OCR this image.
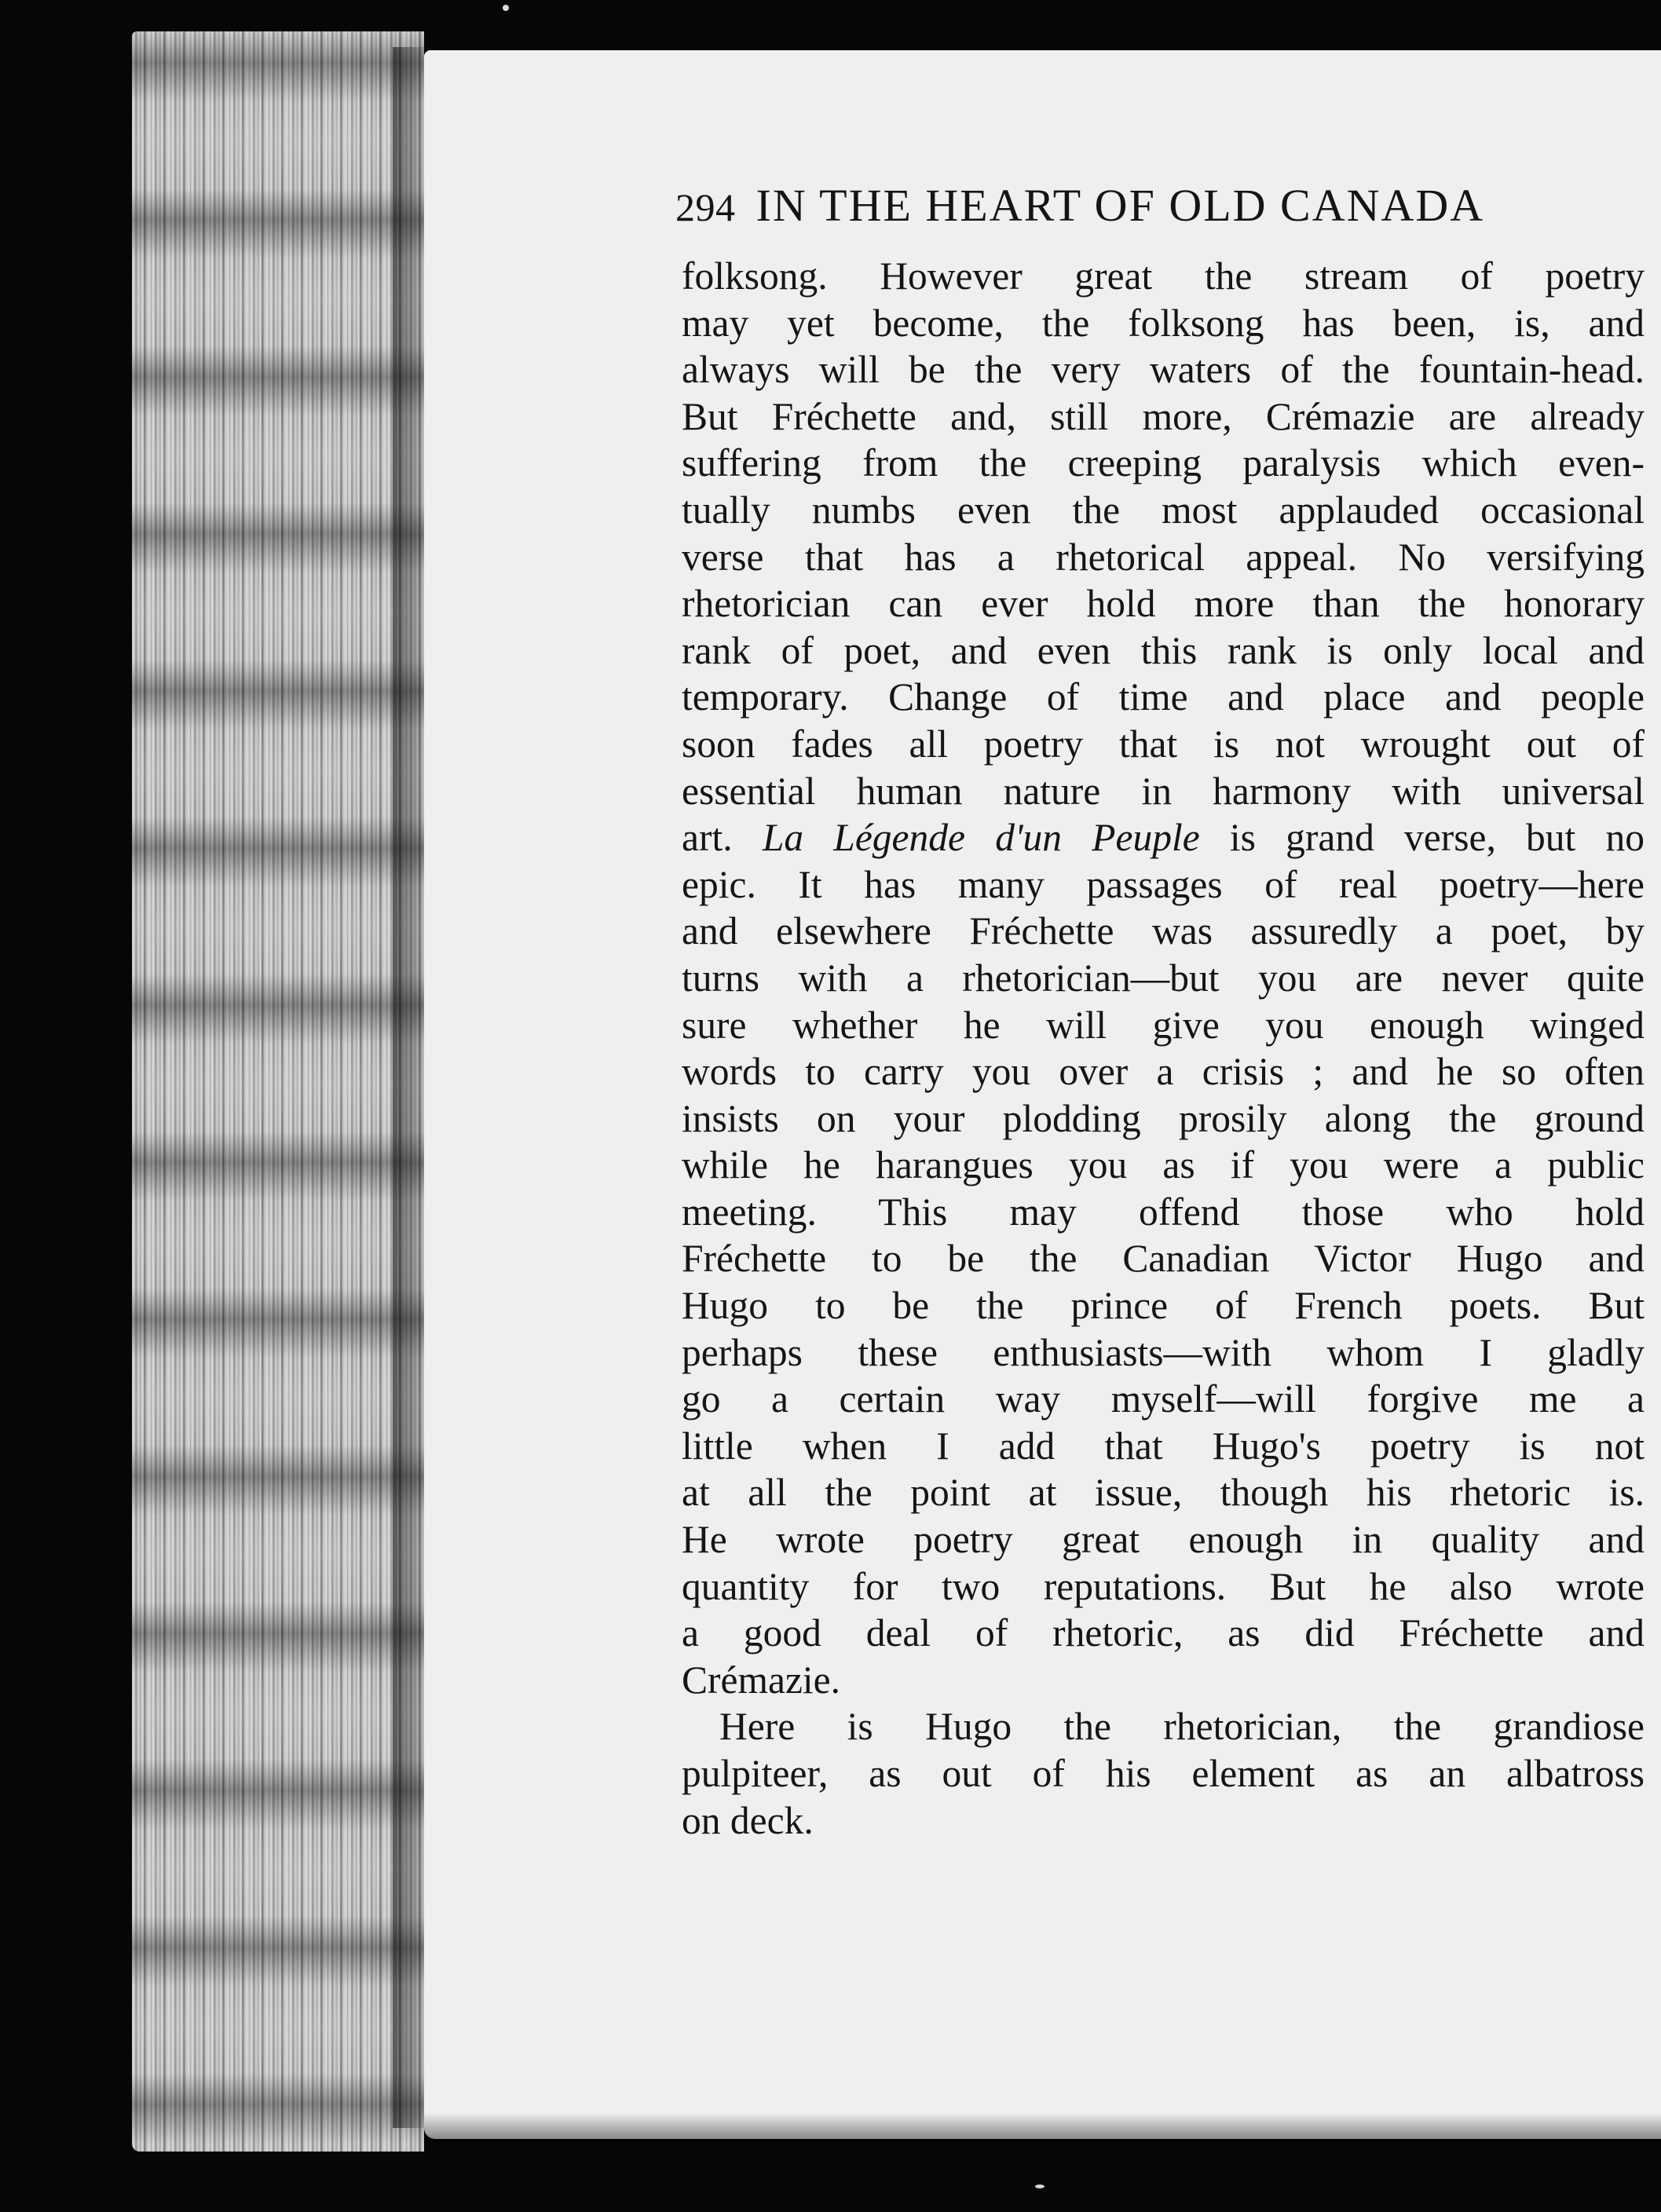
294 IN THE HEART OF OLD CANADA
folksong. However great the stream of poetry
may yet become, the folksong has been, is, and
always will be the very waters of the fountain-head.
But Fréchette and, still more, Crémazie are already
suffering from the creeping paralysis which even-
tually numbs even the most applauded occasional
verse that has a rhetorical appeal. No versifying
rhetorician can ever hold more than the honorary
rank of poet, and even this rank is only local and
temporary. Change of time and place and people
soon fades all poetry that is not wrought out of
essential human nature in harmony with universal
art. La Légende d'un Peuple is grand verse, but no
epic. It has many passages of real poetry—here
and elsewhere Fréchette was assuredly a poet, by
turns with a rhetorician—but you are never quite
sure whether he will give you enough winged
words to carry you over a crisis ; and he so often
insists on your plodding prosily along the ground
while he harangues you as if you were a public
meeting. This may offend those who hold
Fréchette to be the Canadian Victor Hugo and
Hugo to be the prince of French poets. But
perhaps these enthusiasts—with whom I gladly
go a certain way myself—will forgive me a
little when I add that Hugo's poetry is not
at all the point at issue, though his rhetoric is.
He wrote poetry great enough in quality and
quantity for two reputations. But he also wrote
a good deal of rhetoric, as did Fréchette and
Crémazie.
Here is Hugo the rhetorician, the grandiose
pulpiteer, as out of his element as an albatross
on deck.
